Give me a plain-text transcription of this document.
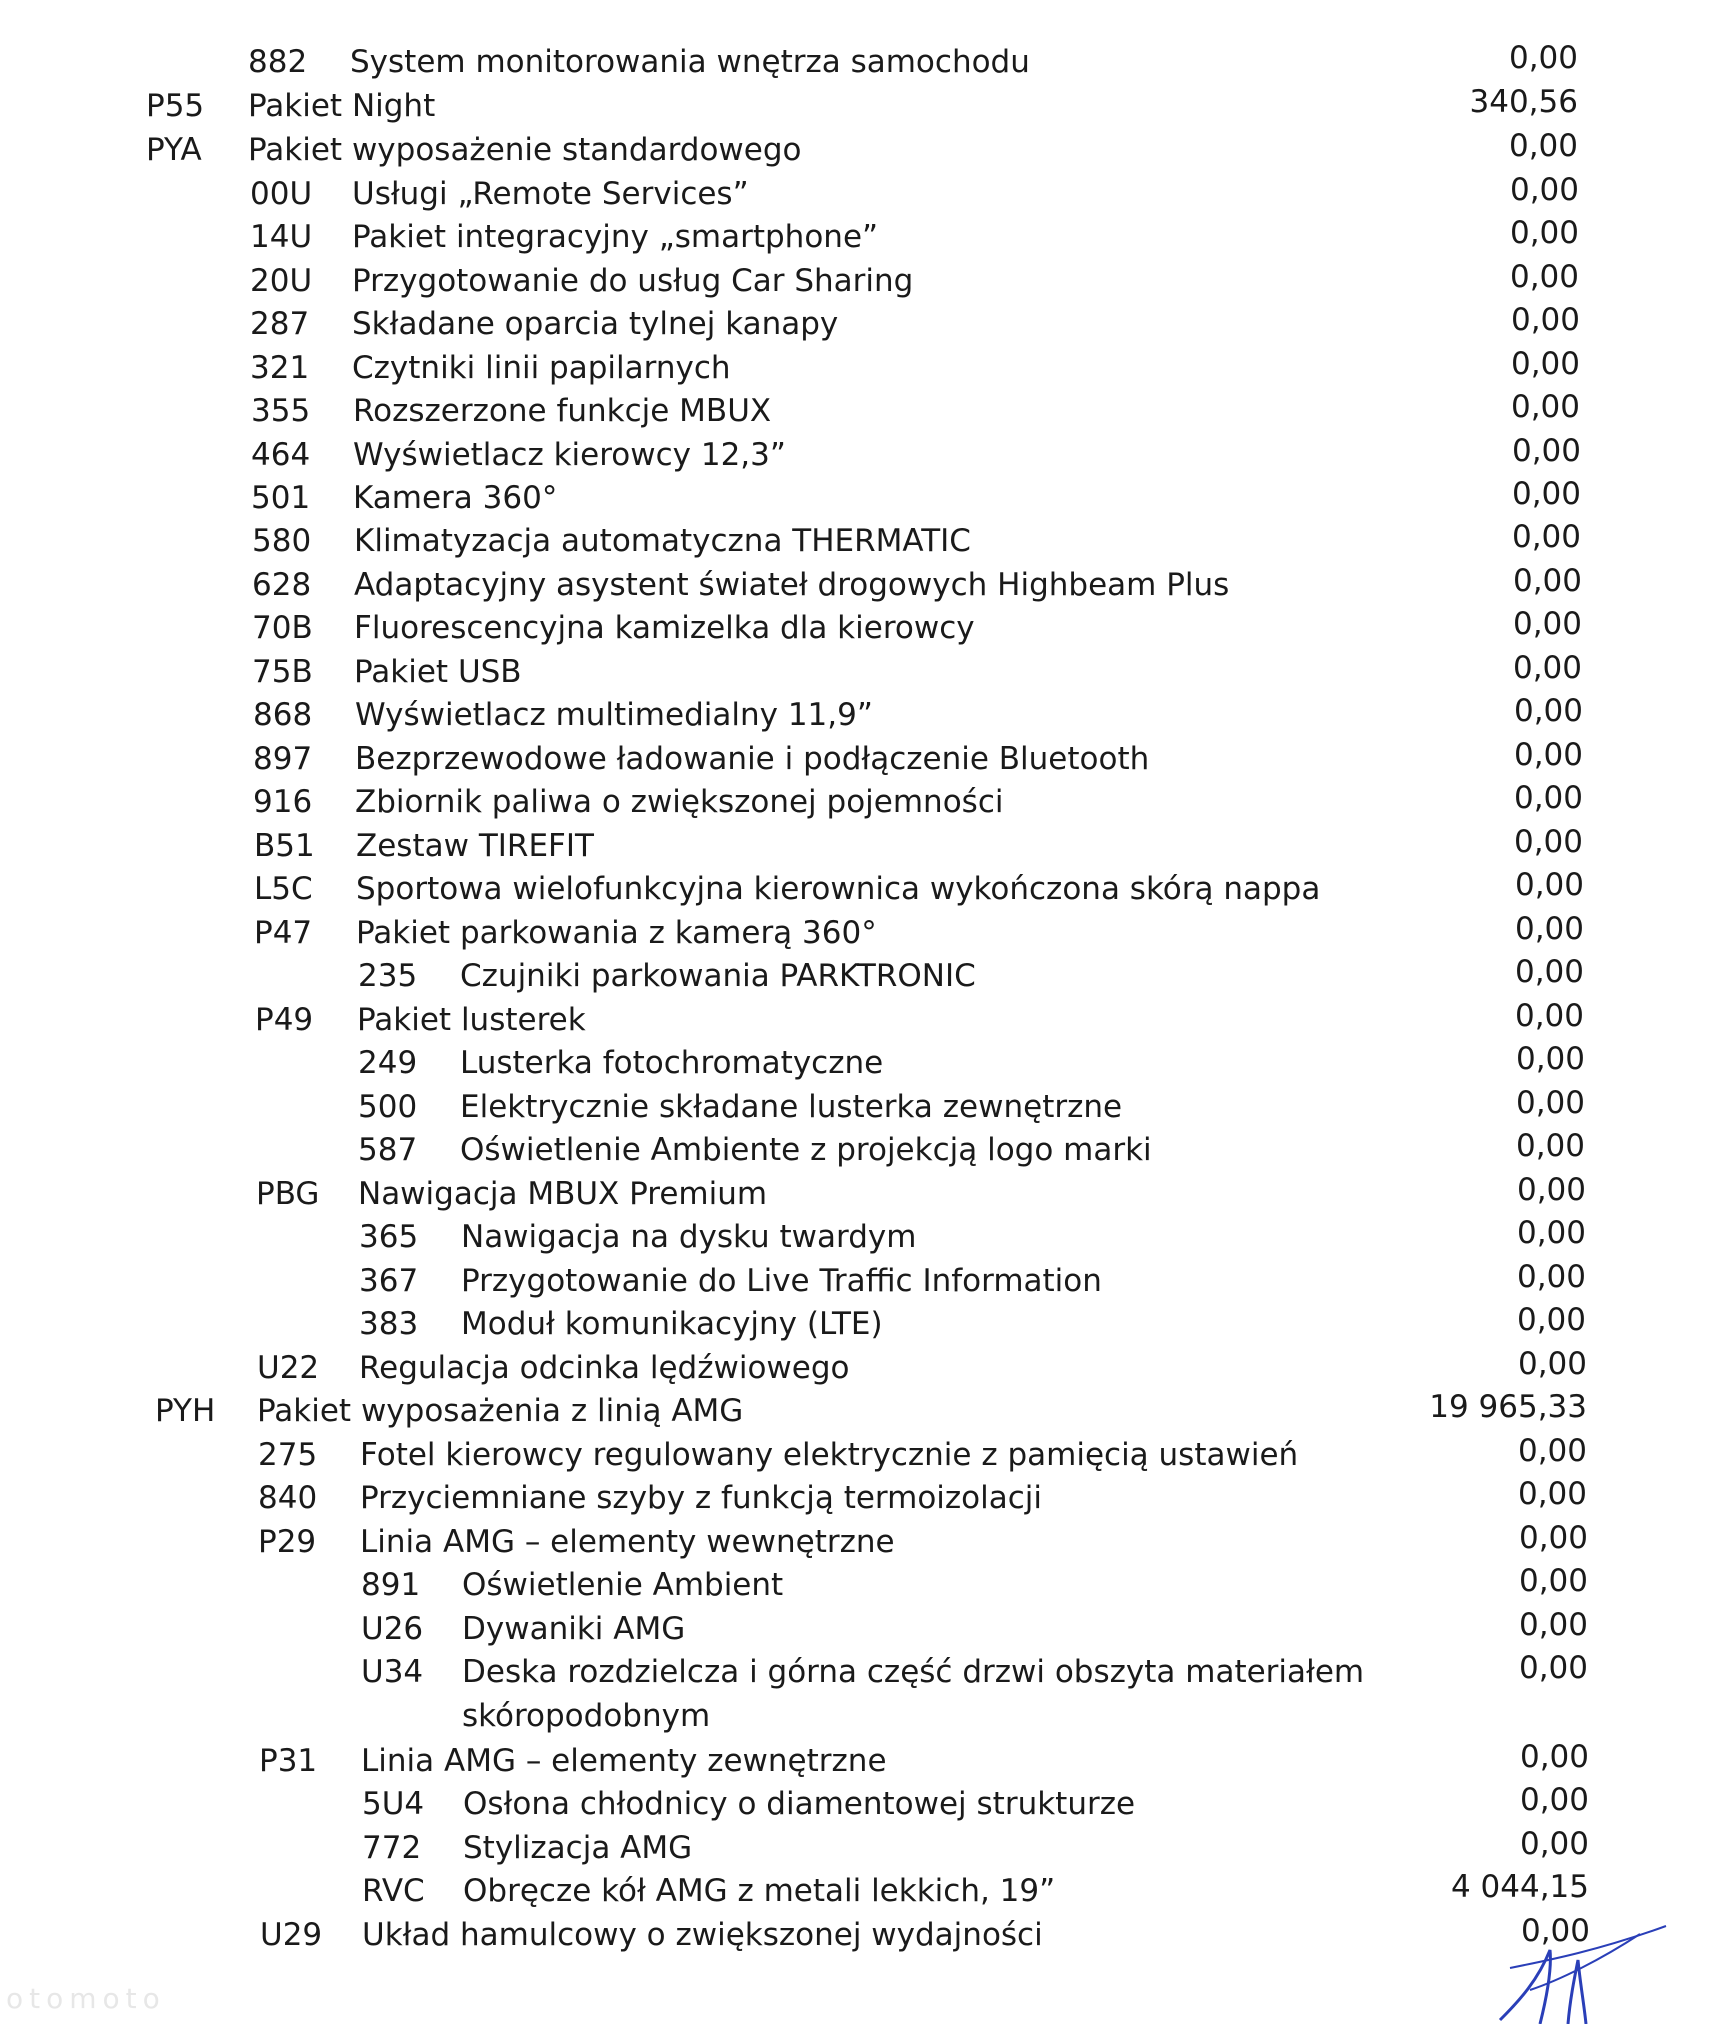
882 System monitorowania wnętrza samochodu	0,00
P55 Pakiet Night	340,56
PYA Pakiet wyposażenie standardowego	0,00
00U Usługi „Remote Services”	0,00
14U Pakiet integracyjny „smartphone”	0,00
20U Przygotowanie do usług Car Sharing	0,00
287 Składane oparcia tylnej kanapy	0,00
321 Czytniki linii papilarnych	0,00
355 Rozszerzone funkcje MBUX	0,00
464 Wyświetlacz kierowcy 12,3”	0,00
501 Kamera 360°	0,00
580 Klimatyzacja automatyczna THERMATIC	0,00
628 Adaptacyjny asystent świateł drogowych Highbeam Plus	0,00
70B Fluorescencyjna kamizelka dla kierowcy	0,00
75B Pakiet USB	0,00
868 Wyświetlacz multimedialny 11,9”	0,00
897 Bezprzewodowe ładowanie i podłączenie Bluetooth	0,00
916 Zbiornik paliwa o zwiększonej pojemności	0,00
B51 Zestaw TIREFIT	0,00
L5C Sportowa wielofunkcyjna kierownica wykończona skórą nappa	0,00
P47 Pakiet parkowania z kamerą 360°	0,00
235 Czujniki parkowania PARKTRONIC	0,00
P49 Pakiet lusterek	0,00
249 Lusterka fotochromatyczne	0,00
500 Elektrycznie składane lusterka zewnętrzne	0,00
587 Oświetlenie Ambiente z projekcją logo marki	0,00
PBG Nawigacja MBUX Premium	0,00
365 Nawigacja na dysku twardym	0,00
367 Przygotowanie do Live Traffic Information	0,00
383 Moduł komunikacyjny (LTE)	0,00
U22 Regulacja odcinka lędźwiowego	0,00
PYH Pakiet wyposażenia z linią AMG	19 965,33
275 Fotel kierowcy regulowany elektrycznie z pamięcią ustawień	0,00
840 Przyciemniane szyby z funkcją termoizolacji	0,00
P29 Linia AMG – elementy wewnętrzne	0,00
891 Oświetlenie Ambient	0,00
U26 Dywaniki AMG	0,00
U34 Deska rozdzielcza i górna część drzwi obszyta materiałem	0,00
skóropodobnym
P31 Linia AMG – elementy zewnętrzne	0,00
5U4 Osłona chłodnicy o diamentowej strukturze	0,00
772 Stylizacja AMG	0,00
RVC Obręcze kół AMG z metali lekkich, 19”	4 044,15
U29 Układ hamulcowy o zwiększonej wydajności	0,00
otomoto
